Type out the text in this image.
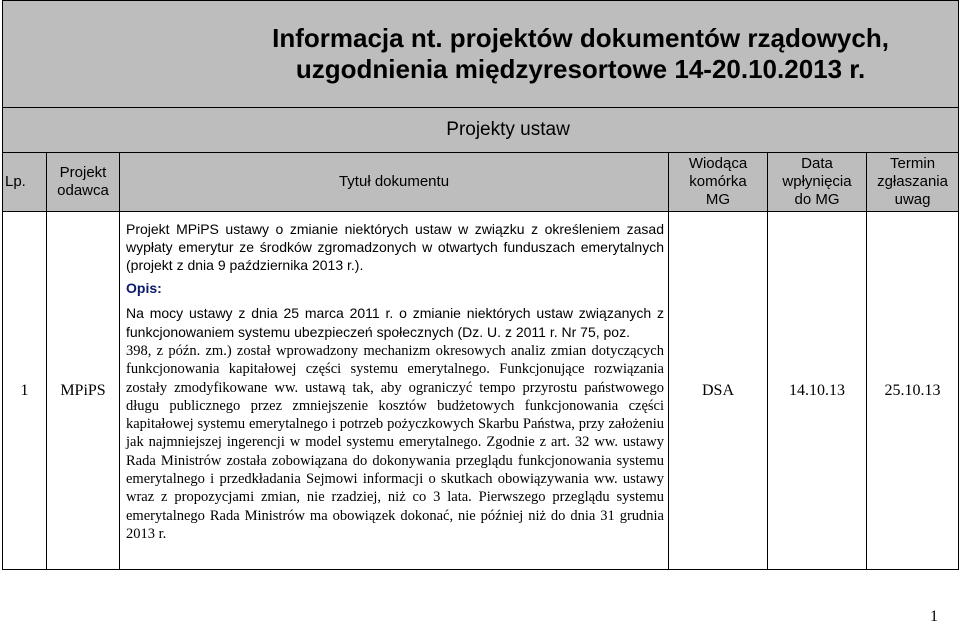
Informacja nt. projektów dokumentów rządowych,
uzgodnienia międzyresortowe 14-20.10.2013 r.					

Projekty ustaw					
Lp.	Projekt odawca	Tytuł dokumentu	Wiodąca komórka MG	Data wpłynięcia do MG	Termin zgłaszania uwag
1	MPiPS	Projekt MPiPS ustawy o zmianie niektórych ustaw w związku z określeniem zasad wypłaty emerytur ze środków zgromadzonych w otwartych funduszach emerytalnych (projekt z dnia 9 października 2013 r.).

Opis:

Na mocy ustawy z dnia 25 marca 2011 r. o zmianie niektórych ustaw związanych z funkcjonowaniem systemu ubezpieczeń społecznych (Dz. U. z 2011 r. Nr 75, poz.

398, z późn. zm.) został wprowadzony mechanizm okresowych analiz zmian dotyczących funkcjonowania kapitałowej części systemu emerytalnego. Funkcjonujące rozwiązania zostały zmodyfikowane ww. ustawą tak, aby ograniczyć tempo przyrostu państwowego długu publicznego przez zmniejszenie kosztów budżetowych funkcjonowania części kapitałowej systemu emerytalnego i potrzeb pożyczkowych Skarbu Państwa, przy założeniu jak najmniejszej ingerencji w model systemu emerytalnego. Zgodnie z art. 32 ww. ustawy Rada Ministrów została zobowiązana do dokonywania przeglądu funkcjonowania systemu emerytalnego i przedkładania Sejmowi informacji o skutkach obowiązywania ww. ustawy wraz z propozycjami zmian, nie rzadziej, niż co 3 lata. Pierwszego przeglądu systemu emerytalnego Rada Ministrów ma obowiązek dokonać, nie później niż do dnia 31 grudnia 2013 r.	DSA	14.10.13	25.10.13
1
